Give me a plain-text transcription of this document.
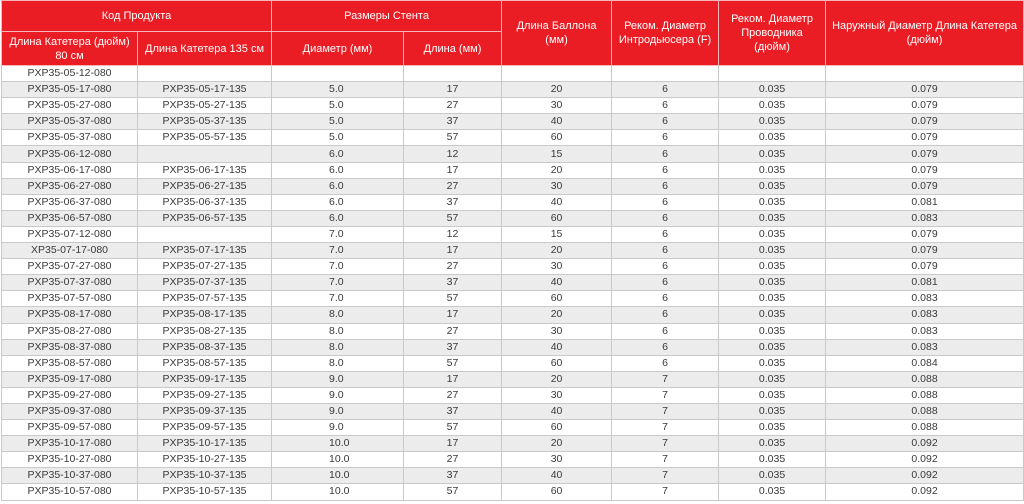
Код Продукта		Размеры Стента		Длина Баллона (мм)	Реком. Диаметр Интродьюсера (F)	Реком. Диаметр Проводника (дюйм)	Наружный Диаметр Длина Катетера (дюйм)
Длина Катетера (дюйм) 80 см	Длина Катетера 135 см	Диаметр (мм)	Длина (мм)				
PXP35-05-12-080							
PXP35-05-17-080	PXP35-05-17-135	5.0	17	20	6	0.035	0.079
PXP35-05-27-080	PXP35-05-27-135	5.0	27	30	6	0.035	0.079
PXP35-05-37-080	PXP35-05-37-135	5.0	37	40	6	0.035	0.079
PXP35-05-37-080	PXP35-05-57-135	5.0	57	60	6	0.035	0.079
PXP35-06-12-080		6.0	12	15	6	0.035	0.079
PXP35-06-17-080	PXP35-06-17-135	6.0	17	20	6	0.035	0.079
PXP35-06-27-080	PXP35-06-27-135	6.0	27	30	6	0.035	0.079
PXP35-06-37-080	PXP35-06-37-135	6.0	37	40	6	0.035	0.081
PXP35-06-57-080	PXP35-06-57-135	6.0	57	60	6	0.035	0.083
PXP35-07-12-080		7.0	12	15	6	0.035	0.079
XP35-07-17-080	PXP35-07-17-135	7.0	17	20	6	0.035	0.079
PXP35-07-27-080	PXP35-07-27-135	7.0	27	30	6	0.035	0.079
PXP35-07-37-080	PXP35-07-37-135	7.0	37	40	6	0.035	0.081
PXP35-07-57-080	PXP35-07-57-135	7.0	57	60	6	0.035	0.083
PXP35-08-17-080	PXP35-08-17-135	8.0	17	20	6	0.035	0.083
PXP35-08-27-080	PXP35-08-27-135	8.0	27	30	6	0.035	0.083
PXP35-08-37-080	PXP35-08-37-135	8.0	37	40	6	0.035	0.083
PXP35-08-57-080	PXP35-08-57-135	8.0	57	60	6	0.035	0.084
PXP35-09-17-080	PXP35-09-17-135	9.0	17	20	7	0.035	0.088
PXP35-09-27-080	PXP35-09-27-135	9.0	27	30	7	0.035	0.088
PXP35-09-37-080	PXP35-09-37-135	9.0	37	40	7	0.035	0.088
PXP35-09-57-080	PXP35-09-57-135	9.0	57	60	7	0.035	0.088
PXP35-10-17-080	PXP35-10-17-135	10.0	17	20	7	0.035	0.092
PXP35-10-27-080	PXP35-10-27-135	10.0	27	30	7	0.035	0.092
PXP35-10-37-080	PXP35-10-37-135	10.0	37	40	7	0.035	0.092
PXP35-10-57-080	PXP35-10-57-135	10.0	57	60	7	0.035	0.092
